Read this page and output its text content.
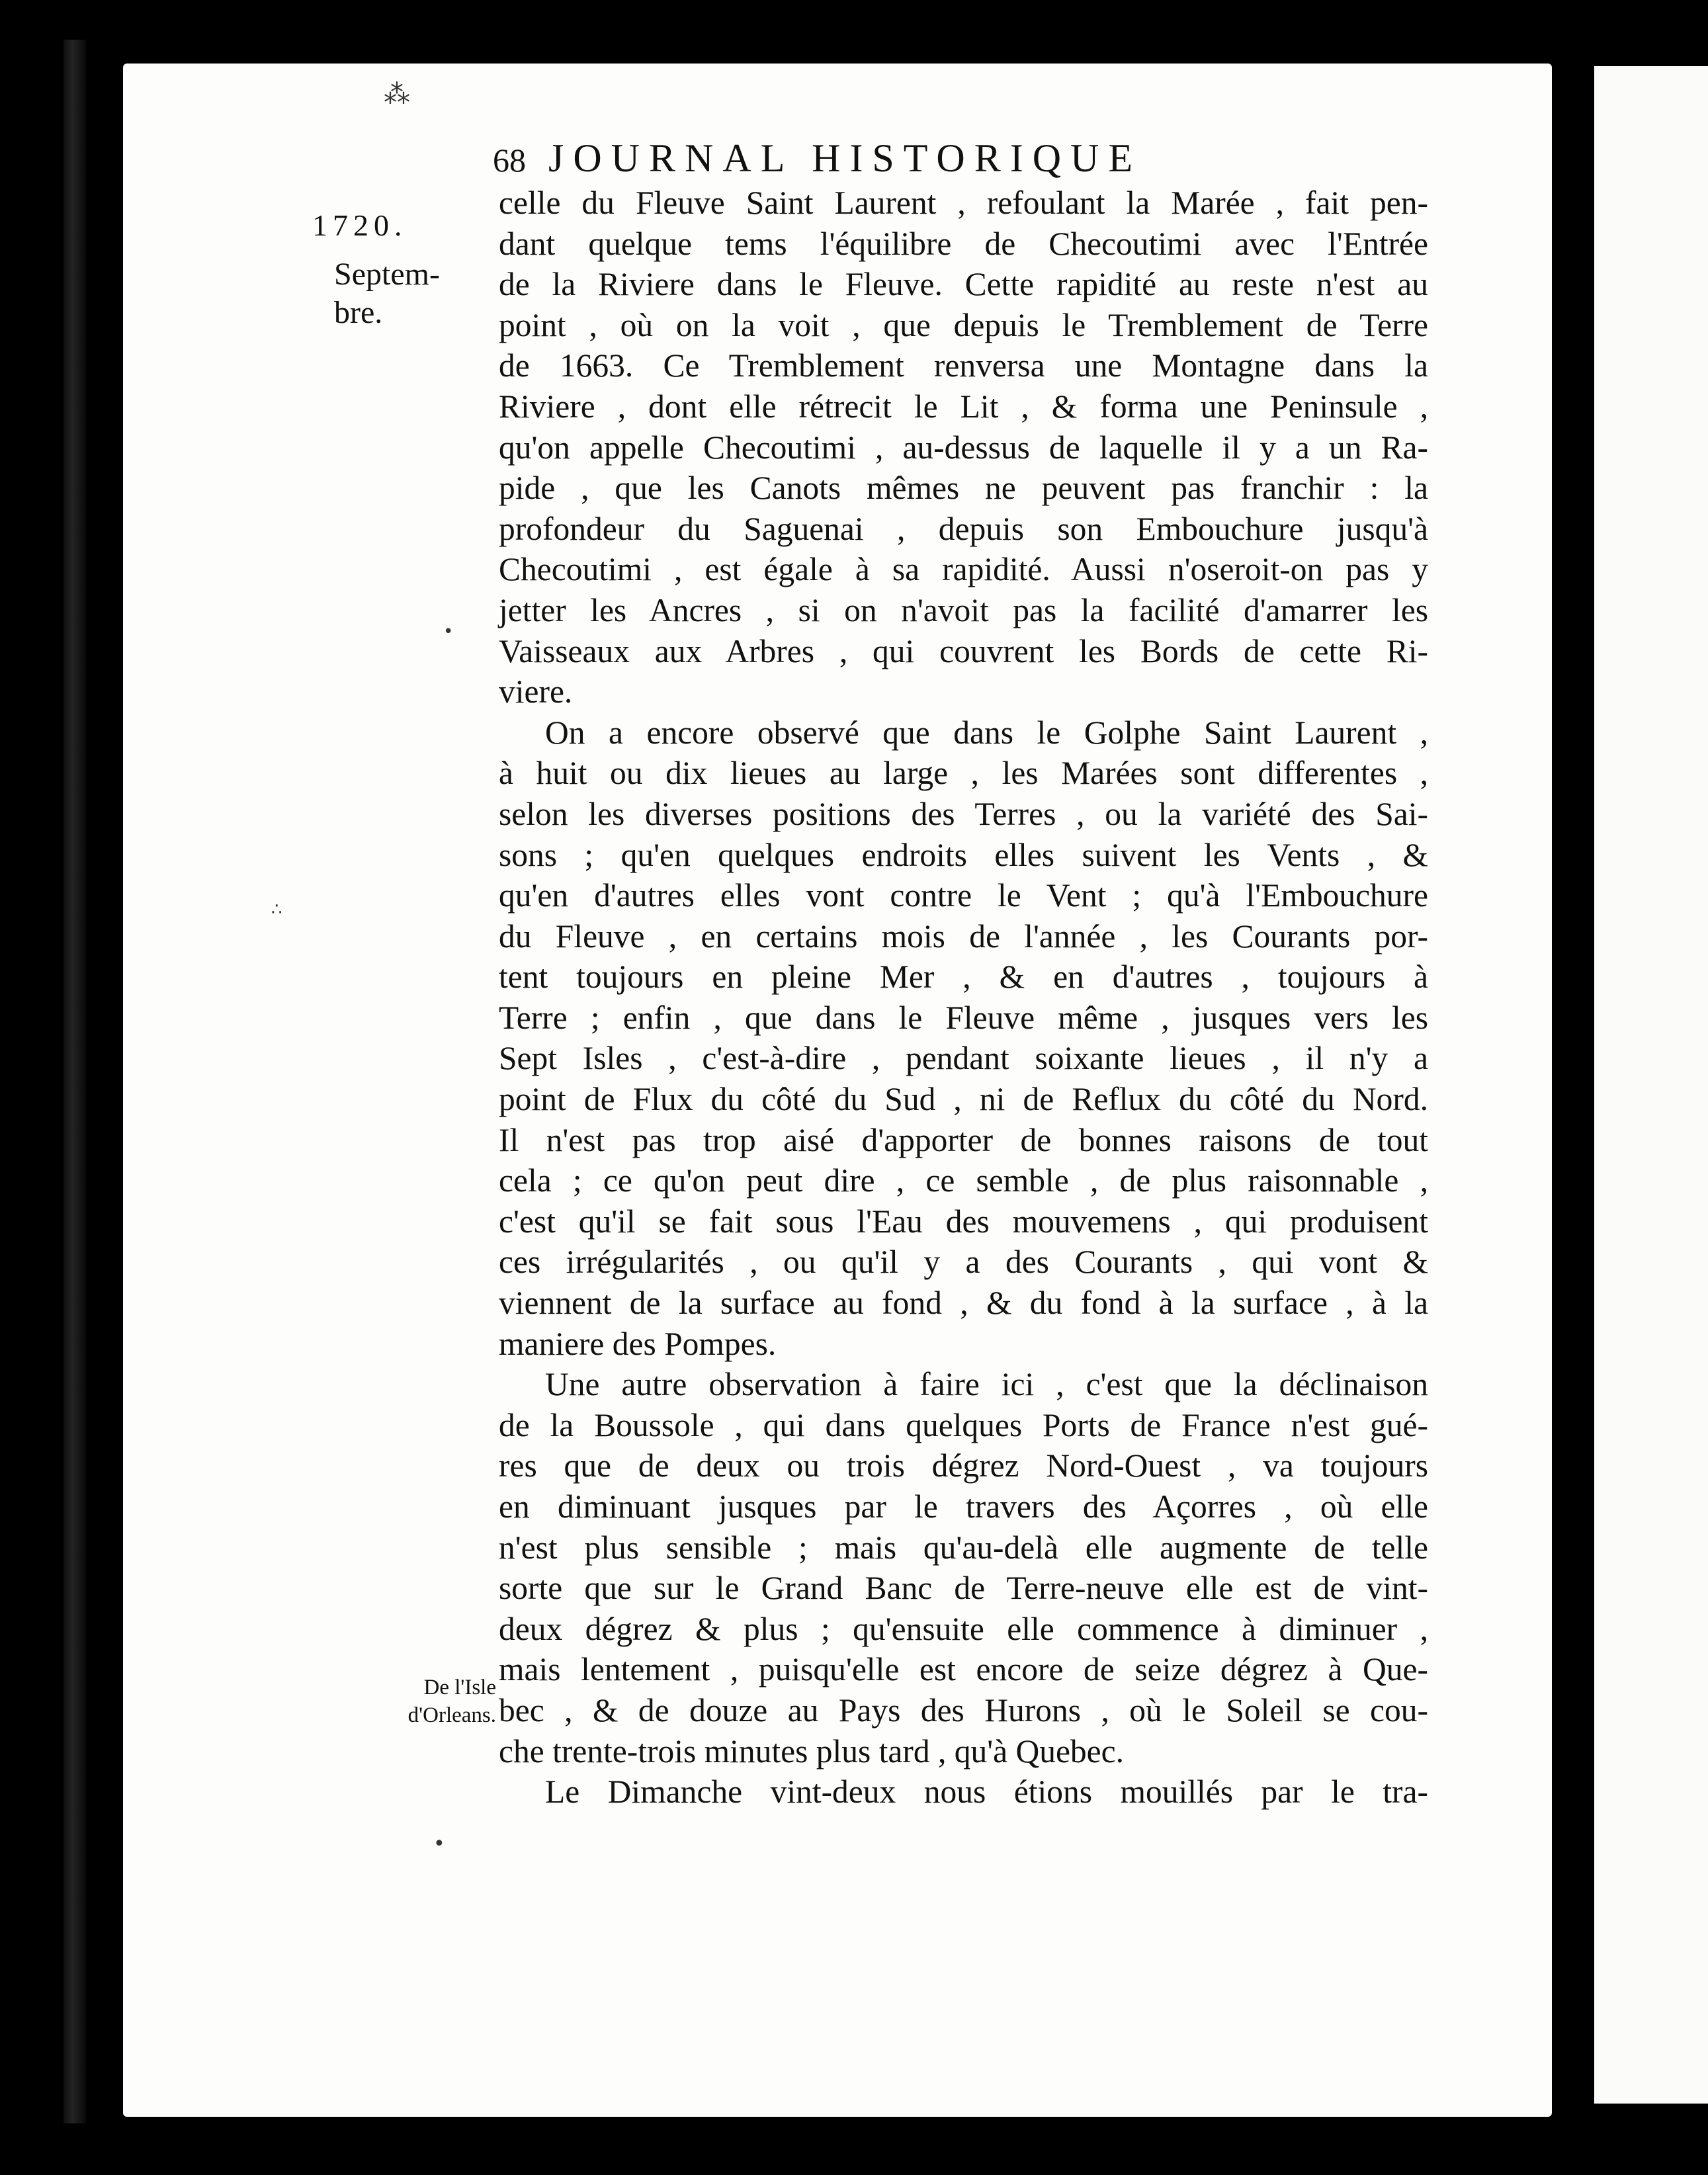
68 JOURNAL HISTORIQUE
1720.
Septem-
bre.
De l'Isle
d'Orleans.
celle du Fleuve Saint Laurent , refoulant la Marée , fait pen-
dant quelque tems l'équilibre de Checoutimi avec l'Entrée
de la Riviere dans le Fleuve. Cette rapidité au reste n'est au
point , où on la voit , que depuis le Tremblement de Terre
de 1663. Ce Tremblement renversa une Montagne dans la
Riviere , dont elle rétrecit le Lit , & forma une Peninsule ,
qu'on appelle Checoutimi , au-dessus de laquelle il y a un Ra-
pide , que les Canots mêmes ne peuvent pas franchir : la
profondeur du Saguenai , depuis son Embouchure jusqu'à
Checoutimi , est égale à sa rapidité. Aussi n'oseroit-on pas y
jetter les Ancres , si on n'avoit pas la facilité d'amarrer les
Vaisseaux aux Arbres , qui couvrent les Bords de cette Ri-
viere.
On a encore observé que dans le Golphe Saint Laurent ,
à huit ou dix lieues au large , les Marées sont differentes ,
selon les diverses positions des Terres , ou la variété des Sai-
sons ; qu'en quelques endroits elles suivent les Vents , &
qu'en d'autres elles vont contre le Vent ; qu'à l'Embouchure
du Fleuve , en certains mois de l'année , les Courants por-
tent toujours en pleine Mer , & en d'autres , toujours à
Terre ; enfin , que dans le Fleuve même , jusques vers les
Sept Isles , c'est-à-dire , pendant soixante lieues , il n'y a
point de Flux du côté du Sud , ni de Reflux du côté du Nord.
Il n'est pas trop aisé d'apporter de bonnes raisons de tout
cela ; ce qu'on peut dire , ce semble , de plus raisonnable ,
c'est qu'il se fait sous l'Eau des mouvemens , qui produisent
ces irrégularités , ou qu'il y a des Courants , qui vont &
viennent de la surface au fond , & du fond à la surface , à la
maniere des Pompes.
Une autre observation à faire ici , c'est que la déclinaison
de la Boussole , qui dans quelques Ports de France n'est gué-
res que de deux ou trois dégrez Nord-Ouest , va toujours
en diminuant jusques par le travers des Açorres , où elle
n'est plus sensible ; mais qu'au-delà elle augmente de telle
sorte que sur le Grand Banc de Terre-neuve elle est de vint-
deux dégrez & plus ; qu'ensuite elle commence à diminuer ,
mais lentement , puisqu'elle est encore de seize dégrez à Que-
bec , & de douze au Pays des Hurons , où le Soleil se cou-
che trente-trois minutes plus tard , qu'à Quebec.
Le Dimanche vint-deux nous étions mouillés par le tra-
⁂
•
∴
•
